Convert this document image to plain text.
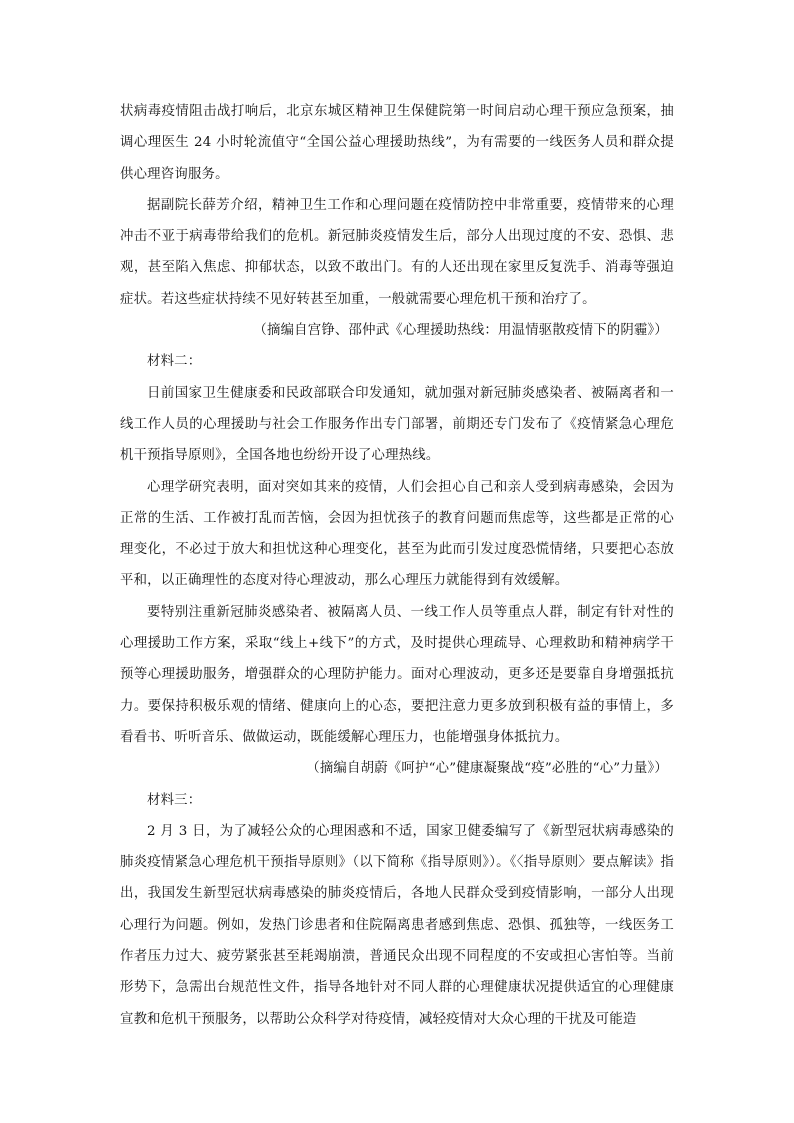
状病毒疫情阻击战打响后，北京东城区精神卫生保健院第一时间启动心理干预应急预案，抽调心理医生 24 小时轮流值守“全国公益心理援助热线”，为有需要的一线医务人员和群众提供心理咨询服务。

据副院长薛芳介绍，精神卫生工作和心理问题在疫情防控中非常重要，疫情带来的心理冲击不亚于病毒带给我们的危机。新冠肺炎疫情发生后，部分人出现过度的不安、恐惧、悲观，甚至陷入焦虑、抑郁状态，以致不敢出门。有的人还出现在家里反复洗手、消毒等强迫症状。若这些症状持续不见好转甚至加重，一般就需要心理危机干预和治疗了。

（摘编自宫铮、邵仲武《心理援助热线：用温情驱散疫情下的阴霾》）

材料二：

日前国家卫生健康委和民政部联合印发通知，就加强对新冠肺炎感染者、被隔离者和一线工作人员的心理援助与社会工作服务作出专门部署，前期还专门发布了《疫情紧急心理危机干预指导原则》，全国各地也纷纷开设了心理热线。

心理学研究表明，面对突如其来的疫情，人们会担心自己和亲人受到病毒感染，会因为正常的生活、工作被打乱而苦恼，会因为担忧孩子的教育问题而焦虑等，这些都是正常的心理变化，不必过于放大和担忧这种心理变化，甚至为此而引发过度恐慌情绪，只要把心态放平和，以正确理性的态度对待心理波动，那么心理压力就能得到有效缓解。

要特别注重新冠肺炎感染者、被隔离人员、一线工作人员等重点人群，制定有针对性的心理援助工作方案，采取“线上+线下”的方式，及时提供心理疏导、心理救助和精神病学干预等心理援助服务，增强群众的心理防护能力。面对心理波动，更多还是要靠自身增强抵抗力。要保持积极乐观的情绪、健康向上的心态，要把注意力更多放到积极有益的事情上，多看看书、听听音乐、做做运动，既能缓解心理压力，也能增强身体抵抗力。

（摘编自胡蔚《呵护“心”健康凝聚战“疫”必胜的“心”力量》）

材料三：

2 月 3 日，为了减轻公众的心理困惑和不适，国家卫健委编写了《新型冠状病毒感染的肺炎疫情紧急心理危机干预指导原则》（以下简称《指导原则》）。《〈指导原则〉要点解读》指出，我国发生新型冠状病毒感染的肺炎疫情后，各地人民群众受到疫情影响，一部分人出现心理行为问题。例如，发热门诊患者和住院隔离患者感到焦虑、恐惧、孤独等，一线医务工作者压力过大、疲劳紧张甚至耗竭崩溃，普通民众出现不同程度的不安或担心害怕等。当前形势下，急需出台规范性文件，指导各地针对不同人群的心理健康状况提供适宜的心理健康宣教和危机干预服务，以帮助公众科学对待疫情，减轻疫情对大众心理的干扰及可能造
